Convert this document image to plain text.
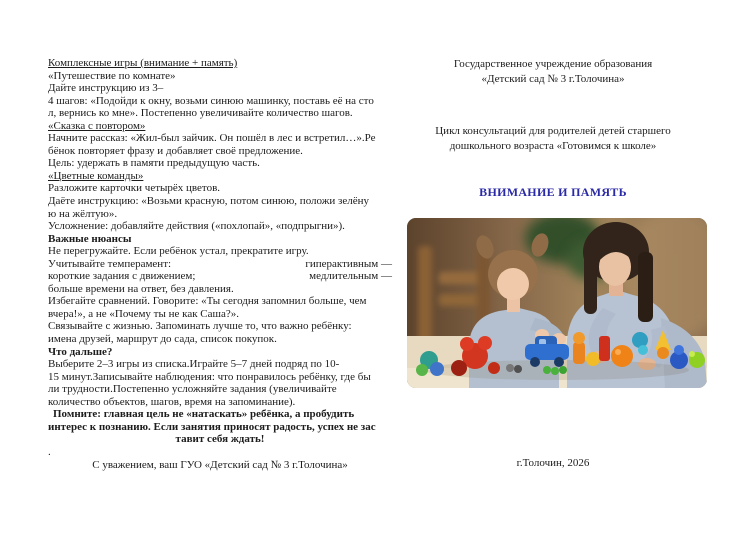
Комплексные игры (внимание + память)
«Путешествие по комнате»
Дайте инструкцию из 3–
4 шагов: «Подойди к окну, возьми синюю машинку, поставь её на сто
л, вернись ко мне». Постепенно увеличивайте количество шагов.
«Сказка с повтором»
Начните рассказ: «Жил-был зайчик. Он пошёл в лес и встретил…».Ре
бёнок повторяет фразу и добавляет своё предложение.
Цель: удержать в памяти предыдущую часть.
«Цветные команды»
Разложите карточки четырёх цветов.
Даёте инструкцию: «Возьми красную, потом синюю, положи зелёну
ю на жёлтую».
Усложнение: добавляйте действия («похлопай», «подпрыгни»).
Важные нюансы
Не перегружайте. Если ребёнок устал, прекратите игру.
Учитывайте темперамент:	гиперактивным —
короткие задания с движением;	медлительным —
больше времени на ответ, без давления.
Избегайте сравнений. Говорите: «Ты сегодня запомнил больше, чем
вчера!», а не «Почему ты не как Саша?».
Связывайте с жизнью. Запоминать лучше то, что важно ребёнку:
имена друзей, маршрут до сада, список покупок.
Что дальше?
Выберите 2–3 игры из списка.Играйте 5–7 дней подряд по 10-
15 минут.Записывайте наблюдения: что понравилось ребёнку, где бы
ли трудности.Постепенно усложняйте задания (увеличивайте
количество объектов, шагов, время на запоминание).
Помните: главная цель не «натаскать» ребёнка, а пробудить
интерес к познанию. Если занятия приносят радость, успех не зас
тавит себя ждать!
.
С уважением, ваш ГУО «Детский сад № 3 г.Толочина»
Государственное учреждение образования
«Детский сад № 3 г.Толочина»
Цикл консультаций для родителей детей старшего
дошкольного возраста «Готовимся к школе»
ВНИМАНИЕ И ПАМЯТЬ
г.Толочин, 2026
